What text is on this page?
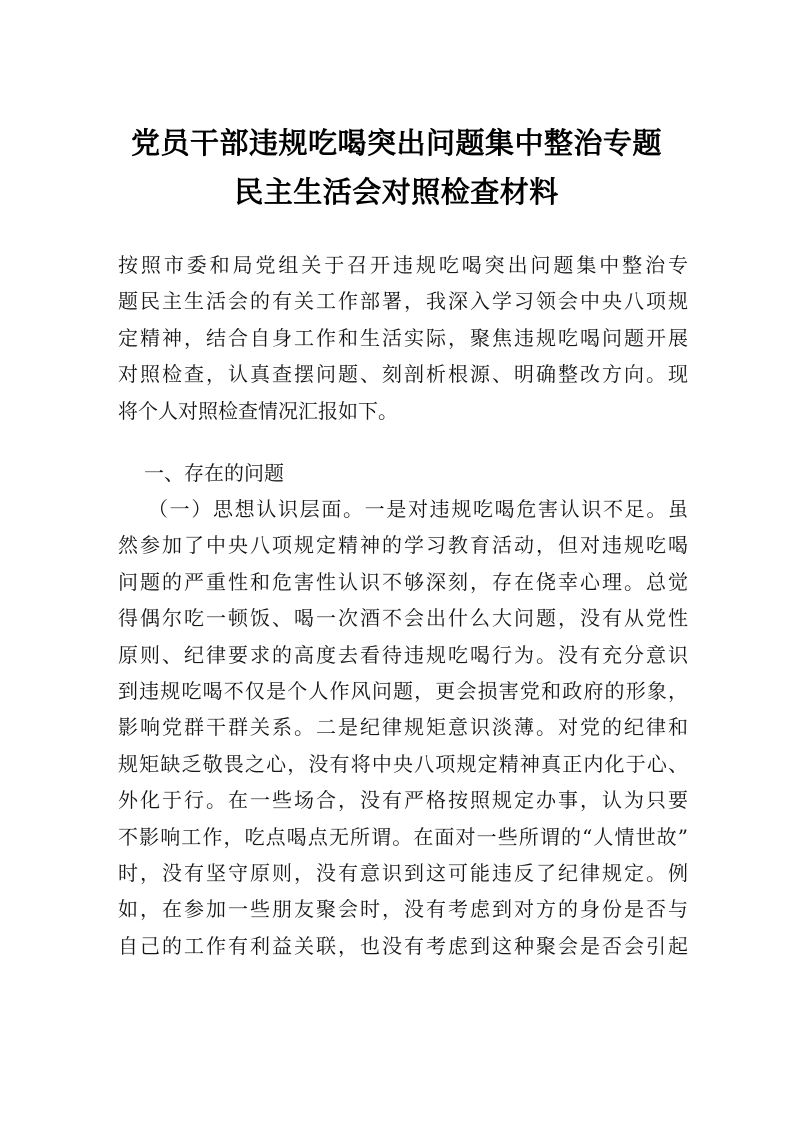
党员干部违规吃喝突出问题集中整治专题
民主生活会对照检查材料
按照市委和局党组关于召开违规吃喝突出问题集中整治专
题民主生活会的有关工作部署，我深入学习领会中央八项规
定精神，结合自身工作和生活实际，聚焦违规吃喝问题开展
对照检查，认真查摆问题、刻剖析根源、明确整改方向。现
将个人对照检查情况汇报如下。
一、存在的问题
（一）思想认识层面。一是对违规吃喝危害认识不足。虽
然参加了中央八项规定精神的学习教育活动，但对违规吃喝
问题的严重性和危害性认识不够深刻，存在侥幸心理。总觉
得偶尔吃一顿饭、喝一次酒不会出什么大问题，没有从党性
原则、纪律要求的高度去看待违规吃喝行为。没有充分意识
到违规吃喝不仅是个人作风问题，更会损害党和政府的形象，
影响党群干群关系。二是纪律规矩意识淡薄。对党的纪律和
规矩缺乏敬畏之心，没有将中央八项规定精神真正内化于心、
外化于行。在一些场合，没有严格按照规定办事，认为只要
不影响工作，吃点喝点无所谓。在面对一些所谓的“人情世故”
时，没有坚守原则，没有意识到这可能违反了纪律规定。例
如，在参加一些朋友聚会时，没有考虑到对方的身份是否与
自己的工作有利益关联，也没有考虑到这种聚会是否会引起
